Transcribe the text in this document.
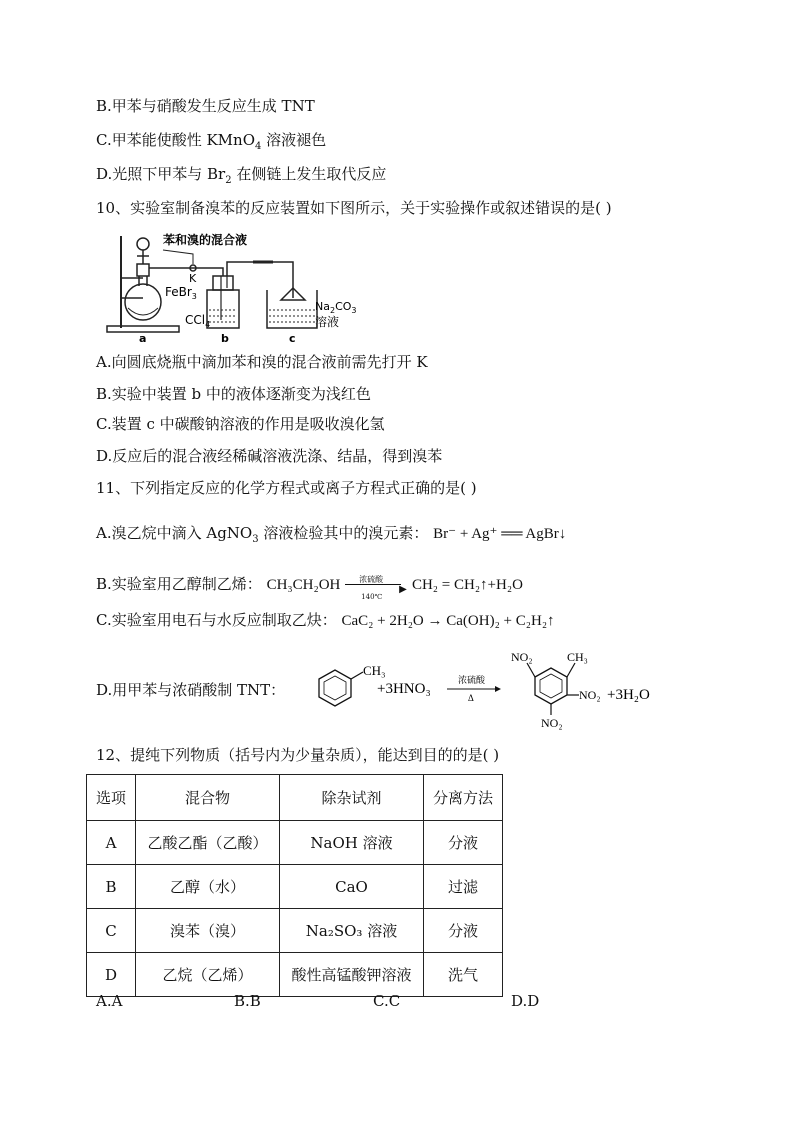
B.甲苯与硝酸发生反应生成 TNT
C.甲苯能使酸性 KMnO$_4$ 溶液褪色
D.光照下甲苯与 $Br_2$ 在侧链上发生取代反应
10、实验室制备溴苯的反应装置如下图所示，关于实验操作或叙述错误的是( )
苯和溴的混合液
K
FeBr$_3$
CCl$_4$
$Na_2CO_3$
溶液
a	b	c
A.向圆底烧瓶中滴加苯和溴的混合液前需先打开 K
B.实验中装置 b 中的液体逐渐变为浅红色
C.装置 c 中碳酸钠溶液的作用是吸收溴化氢
D.反应后的混合液经稀碱溶液洗涤、结晶，得到溴苯
11、下列指定反应的化学方程式或离子方程式正确的是( )
A.溴乙烷中滴入 AgNO$_3$ 溶液检验其中的溴元素： Br⁻ + Ag⁺ ══ AgBr↓
B.实验室用乙醇制乙烯： CH₃CH₂OH 浓硫酸
▶
140℃
CH₂ = CH₂↑+H₂O
C.实验室用电石与水反应制取乙炔： CaC₂ + 2H₂O → Ca(OH)₂ + C₂H₂↑
D.用甲苯与浓硝酸制 TNT：
CH₃
+3HNO₃
浓硫酸
Δ
NO₂	CH₃
NO₂
NO₂
+3H₂O
12、提纯下列物质（括号内为少量杂质），能达到目的的是( )
选项	混合物	除杂试剂	分离方法
A	乙酸乙酯（乙酸）	NaOH 溶液	分液
B	乙醇（水）	CaO	过滤
C	溴苯（溴）	Na₂SO₃ 溶液	分液
D	乙烷（乙烯）	酸性高锰酸钾溶液	洗气
A.A	B.B	C.C	D.D
